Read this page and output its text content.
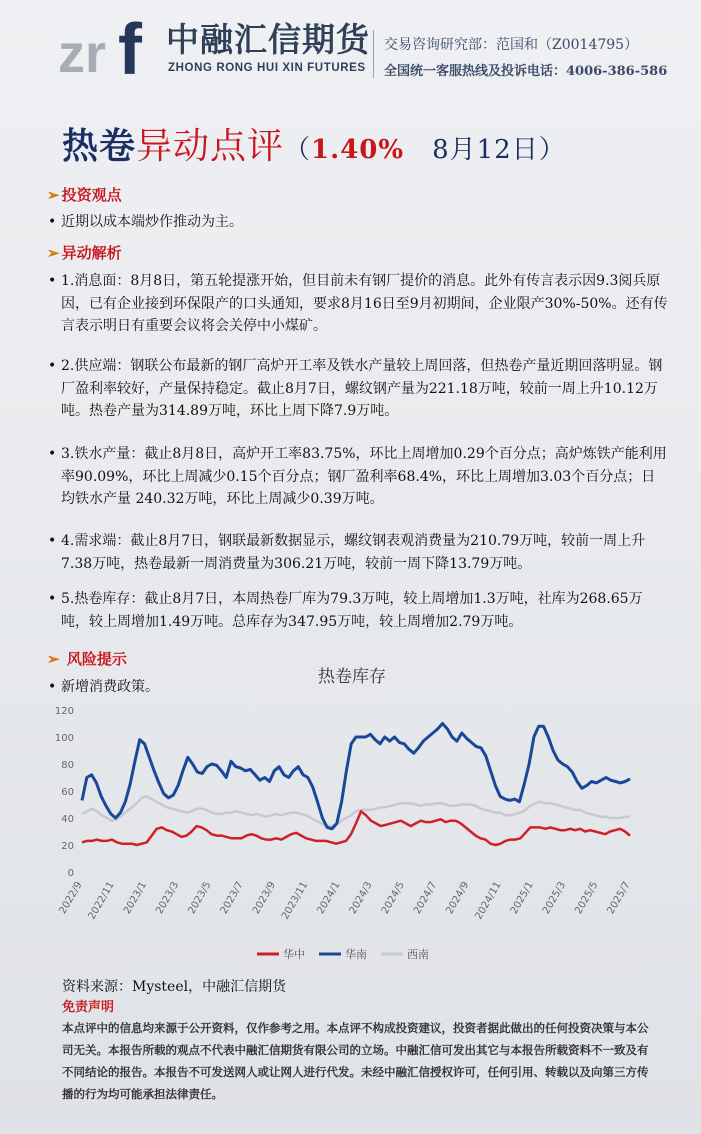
zr f 中融汇信期货
ZHONG RONG HUI XIN FUTURES
交易咨询研究部：范国和（Z0014795）
全国统一客服热线及投诉电话：4006-386-586
热卷异动点评（1.40% 8月12日）
➢ 投资观点
• 近期以成本端炒作推动为主。
➢ 异动解析
• 1.消息面：8月8日，第五轮提涨开始，但目前未有钢厂提价的消息。此外有传言表示因9.3阅兵原因，已有企业接到环保限产的口头通知，要求8月16日至9月初期间，企业限产30%-50%。还有传言表示明日有重要会议将会关停中小煤矿。
• 2.供应端：钢联公布最新的钢厂高炉开工率及铁水产量较上周回落，但热卷产量近期回落明显。钢厂盈利率较好，产量保持稳定。截止8月7日，螺纹钢产量为221.18万吨，较前一周上升10.12万吨。热卷产量为314.89万吨，环比上周下降7.9万吨。
• 3.铁水产量：截止8月8日，高炉开工率83.75%，环比上周增加0.29个百分点；高炉炼铁产能利用率90.09%，环比上周减少0.15个百分点；钢厂盈利率68.4%，环比上周增加3.03个百分点；日均铁水产量 240.32万吨，环比上周减少0.39万吨。
• 4.需求端：截止8月7日，钢联最新数据显示，螺纹钢表观消费量为210.79万吨，较前一周上升7.38万吨，热卷最新一周消费量为306.21万吨，较前一周下降13.79万吨。
• 5.热卷库存：截止8月7日，本周热卷厂库为79.3万吨，较上周增加1.3万吨，社库为268.65万吨，较上周增加1.49万吨。总库存为347.95万吨，较上周增加2.79万吨。
➢ 风险提示
• 新增消费政策。	热卷库存
0
20
40
60
80
100
120
2022/9 2022/11 2023/1 2023/3 2023/5 2023/7 2023/9 2023/11 2024/1 2024/3 2024/5 2024/7 2024/9 2024/11 2025/1 2025/3 2025/5 2025/7
华中	华南	西南
资料来源：Mysteel，中融汇信期货
免责声明
本点评中的信息均来源于公开资料，仅作参考之用。本点评不构成投资建议，投资者据此做出的任何投资决策与本公司无关。本报告所载的观点不代表中融汇信期货有限公司的立场。中融汇信可发出其它与本报告所载资料不一致及有不同结论的报告。本报告不可发送网人或让网人进行代发。未经中融汇信授权许可，任何引用、转载以及向第三方传播的行为均可能承担法律责任。
